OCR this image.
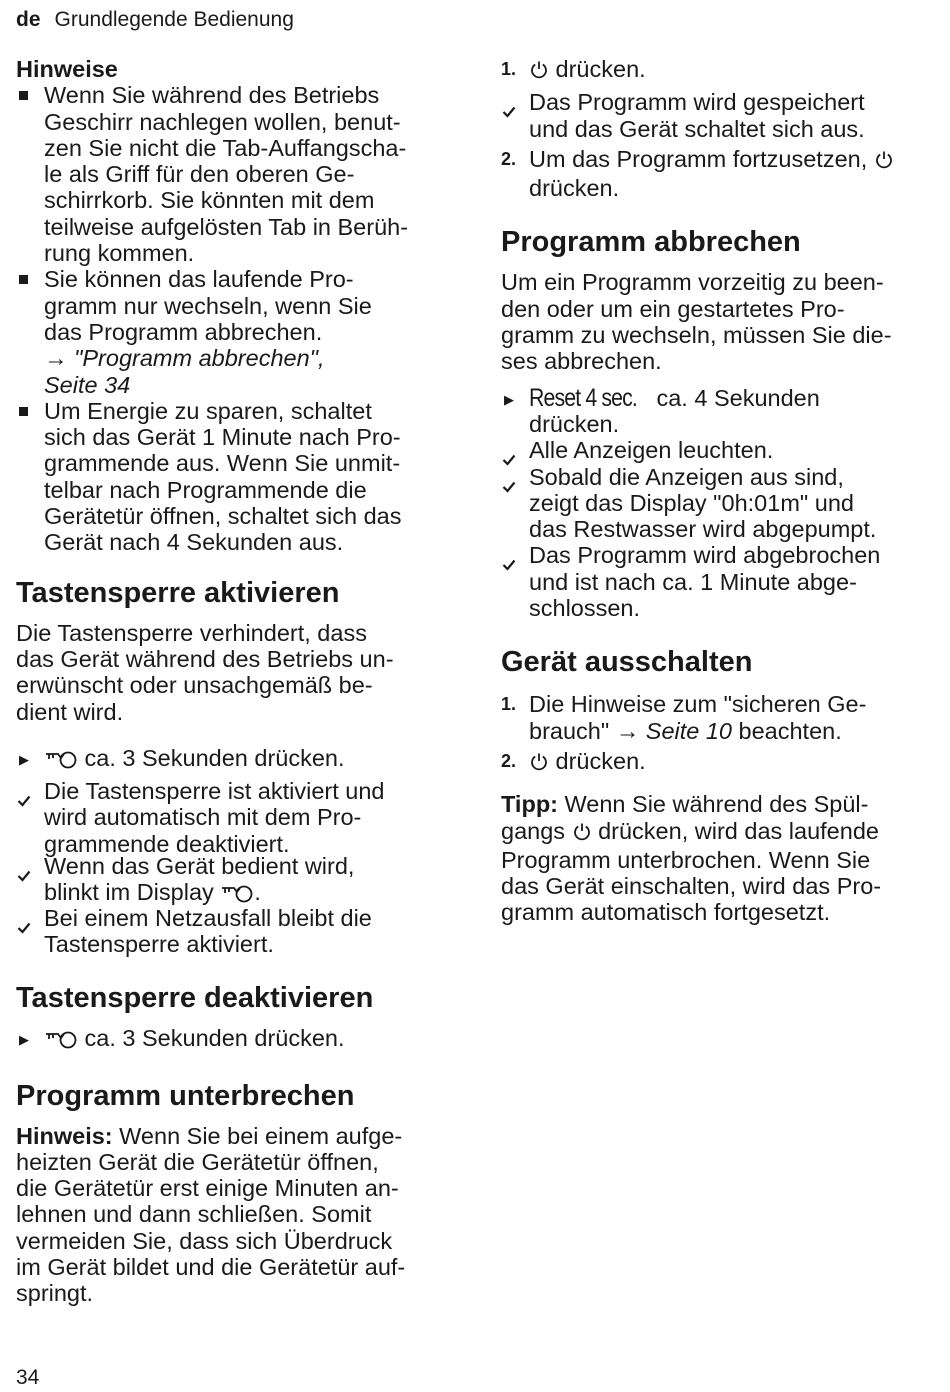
de Grundlegende Bedienung

Hinweise

Wenn Sie während des Betriebs
Geschirr nachlegen wollen, benut-
zen Sie nicht die Tab-Auffangscha-
le als Griff für den oberen Ge-
schirrkorb. Sie könnten mit dem
teilweise aufgelösten Tab in Berüh-
rung kommen.
Sie können das laufende Pro-
gramm nur wechseln, wenn Sie
das Programm abbrechen.
→ "Programm abbrechen",
Seite 34
Um Energie zu sparen, schaltet
sich das Gerät 1 Minute nach Pro-
grammende aus. Wenn Sie unmit-
telbar nach Programmende die
Gerätetür öffnen, schaltet sich das
Gerät nach 4 Sekunden aus.
Tastensperre aktivieren
Die Tastensperre verhindert, dass
das Gerät während des Betriebs un-
erwünscht oder unsachgemäß be-
dient wird.
▶	ca. 3 Sekunden drücken.
Die Tastensperre ist aktiviert und
wird automatisch mit dem Pro-
grammende deaktiviert.
Wenn das Gerät bedient wird,
blinkt im Display .
Bei einem Netzausfall bleibt die
Tastensperre aktiviert.
Tastensperre deaktivieren
▶	ca. 3 Sekunden drücken.
Programm unterbrechen
Hinweis: Wenn Sie bei einem aufge-
heizten Gerät die Gerätetür öffnen,
die Gerätetür erst einige Minuten an-
lehnen und dann schließen. Somit
vermeiden Sie, dass sich Überdruck
im Gerät bildet und die Gerätetür auf-
springt.
1.	drücken.
Das Programm wird gespeichert
und das Gerät schaltet sich aus.
2. Um das Programm fortzusetzen,
drücken.
Programm abbrechen
Um ein Programm vorzeitig zu been-
den oder um ein gestartetes Pro-
gramm zu wechseln, müssen Sie die-
ses abbrechen.
▶ Reset 4 sec. ca. 4 Sekunden
drücken.
Alle Anzeigen leuchten.
Sobald die Anzeigen aus sind,
zeigt das Display "0h:01m" und
das Restwasser wird abgepumpt.
Das Programm wird abgebrochen
und ist nach ca. 1 Minute abge-
schlossen.
Gerät ausschalten
1. Die Hinweise zum "sicheren Ge-
brauch" → Seite 10 beachten.
2.	drücken.
Tipp: Wenn Sie während des Spül-
gangs  drücken, wird das laufende
Programm unterbrochen. Wenn Sie
das Gerät einschalten, wird das Pro-
gramm automatisch fortgesetzt.
34
